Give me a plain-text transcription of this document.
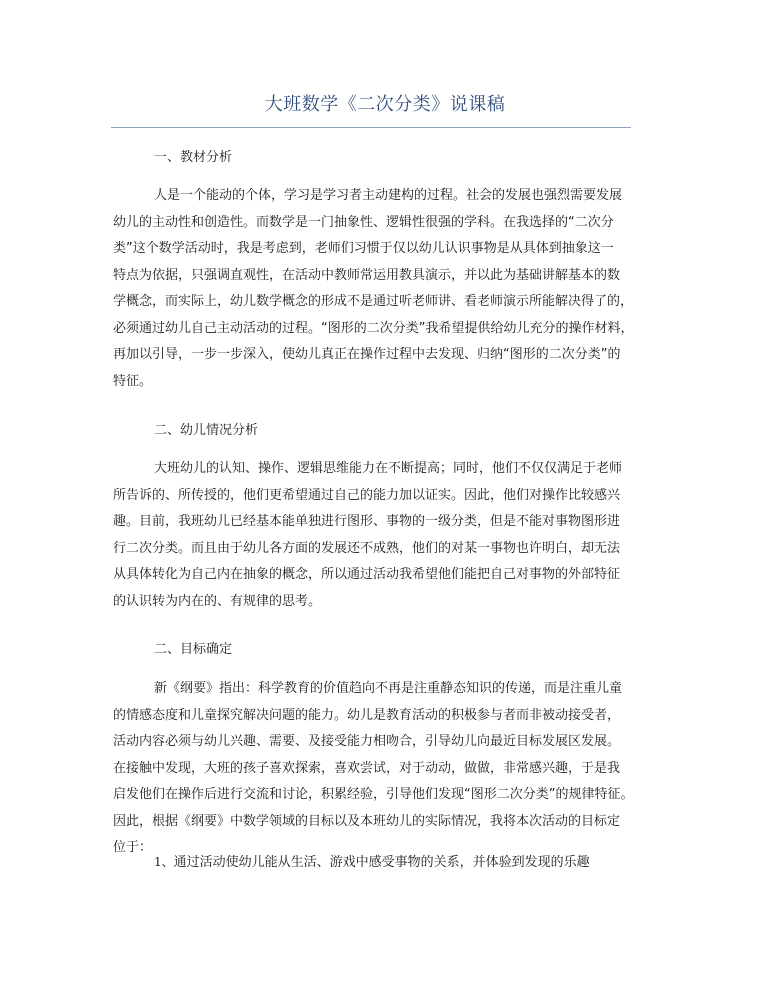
大班数学《二次分类》说课稿
一、教材分析
人是一个能动的个体，学习是学习者主动建构的过程。社会的发展也强烈需要发展
幼儿的主动性和创造性。而数学是一门抽象性、逻辑性很强的学科。在我选择的“二次分
类”这个数学活动时，我是考虑到，老师们习惯于仅以幼儿认识事物是从具体到抽象这一
特点为依据，只强调直观性，在活动中教师常运用教具演示，并以此为基础讲解基本的数
学概念，而实际上，幼儿数学概念的形成不是通过听老师讲、看老师演示所能解决得了的，
必须通过幼儿自己主动活动的过程。“图形的二次分类”我希望提供给幼儿充分的操作材料，
再加以引导，一步一步深入，使幼儿真正在操作过程中去发现、归纳“图形的二次分类”的
特征。
二、幼儿情况分析
大班幼儿的认知、操作、逻辑思维能力在不断提高；同时，他们不仅仅满足于老师
所告诉的、所传授的，他们更希望通过自己的能力加以证实。因此，他们对操作比较感兴
趣。目前，我班幼儿已经基本能单独进行图形、事物的一级分类，但是不能对事物图形进
行二次分类。而且由于幼儿各方面的发展还不成熟，他们的对某一事物也许明白，却无法
从具体转化为自己内在抽象的概念，所以通过活动我希望他们能把自己对事物的外部特征
的认识转为内在的、有规律的思考。
二、目标确定
新《纲要》指出：科学教育的价值趋向不再是注重静态知识的传递，而是注重儿童
的情感态度和儿童探究解决问题的能力。幼儿是教育活动的积极参与者而非被动接受者，
活动内容必须与幼儿兴趣、需要、及接受能力相吻合，引导幼儿向最近目标发展区发展。
在接触中发现，大班的孩子喜欢探索，喜欢尝试，对于动动，做做，非常感兴趣，于是我
启发他们在操作后进行交流和讨论，积累经验，引导他们发现“图形二次分类”的规律特征。
因此，根据《纲要》中数学领域的目标以及本班幼儿的实际情况，我将本次活动的目标定
位于：
1、通过活动使幼儿能从生活、游戏中感受事物的关系，并体验到发现的乐趣
